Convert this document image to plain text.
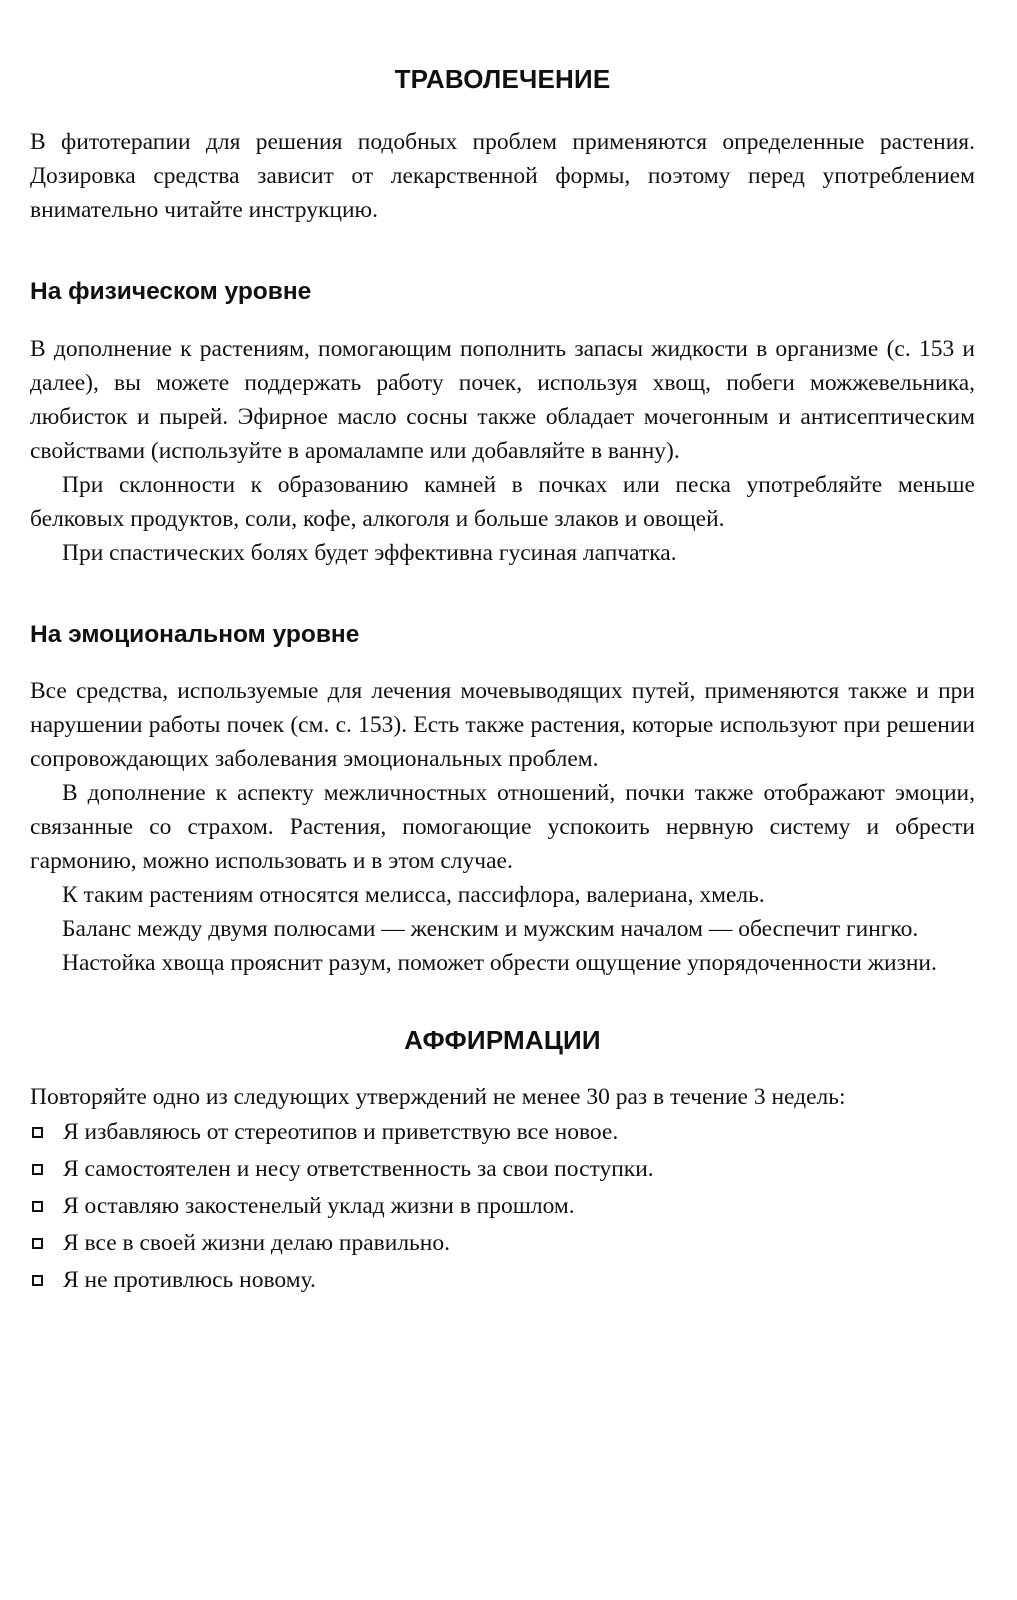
ТРАВОЛЕЧЕНИЕ

В фитотерапии для решения подобных проблем применяются определенные растения. Дозировка средства зависит от лекарственной формы, поэтому перед употреблением внимательно читайте инструкцию.

На физическом уровне

В дополнение к растениям, помогающим пополнить запасы жидкости в организме (с. 153 и далее), вы можете поддержать работу почек, используя хвощ, побеги можжевельника, любисток и пырей. Эфирное масло сосны также обладает мочегонным и антисептическим свойствами (используйте в аромалампе или добавляйте в ванну).

При склонности к образованию камней в почках или песка употребляйте меньше белковых продуктов, соли, кофе, алкоголя и больше злаков и овощей.

При спастических болях будет эффективна гусиная лапчатка.

На эмоциональном уровне

Все средства, используемые для лечения мочевыводящих путей, применяются также и при нарушении работы почек (см. с. 153). Есть также растения, которые используют при решении сопровождающих заболевания эмоциональных проблем.

В дополнение к аспекту межличностных отношений, почки также отображают эмоции, связанные со страхом. Растения, помогающие успокоить нервную систему и обрести гармонию, можно использовать и в этом случае.

К таким растениям относятся мелисса, пассифлора, валериана, хмель.

Баланс между двумя полюсами — женским и мужским началом — обеспечит гингко.

Настойка хвоща прояснит разум, поможет обрести ощущение упорядоченности жизни.

АФФИРМАЦИИ

Повторяйте одно из следующих утверждений не менее 30 раз в течение 3 недель:

Я избавляюсь от стереотипов и приветствую все новое.
Я самостоятелен и несу ответственность за свои поступки.
Я оставляю закостенелый уклад жизни в прошлом.
Я все в своей жизни делаю правильно.
Я не противлюсь новому.
